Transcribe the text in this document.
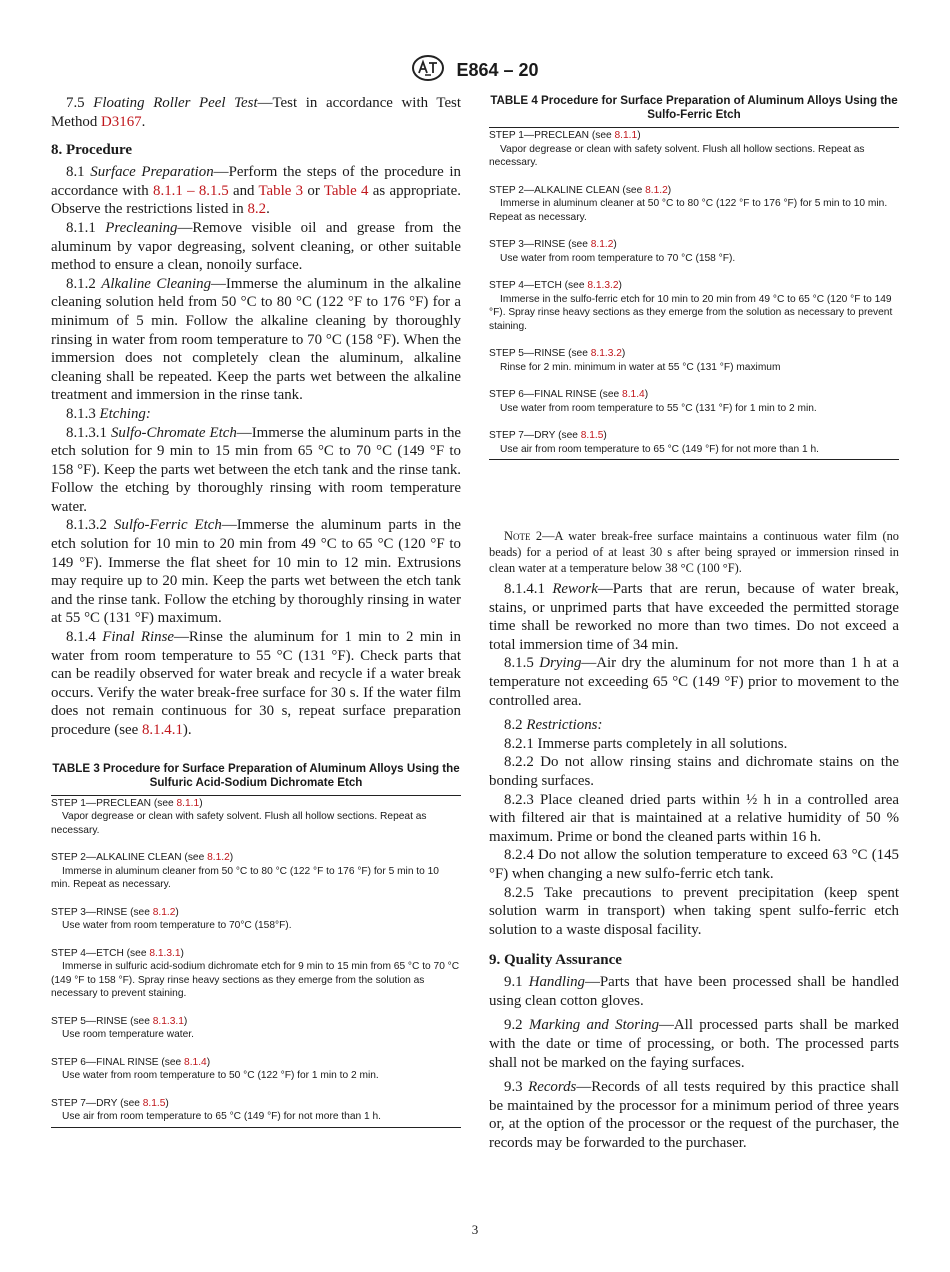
E864 – 20

7.5 Floating Roller Peel Test—Test in accordance with Test Method D3167.

8. Procedure

8.1 Surface Preparation—Perform the steps of the procedure in accordance with 8.1.1 – 8.1.5 and Table 3 or Table 4 as appropriate. Observe the restrictions listed in 8.2.

8.1.1 Precleaning—Remove visible oil and grease from the aluminum by vapor degreasing, solvent cleaning, or other suitable method to ensure a clean, nonoily surface.

8.1.2 Alkaline Cleaning—Immerse the aluminum in the alkaline cleaning solution held from 50 °C to 80 °C (122 °F to 176 °F) for a minimum of 5 min. Follow the alkaline cleaning by thoroughly rinsing in water from room temperature to 70 °C (158 °F). When the immersion does not completely clean the aluminum, alkaline cleaning shall be repeated. Keep the parts wet between the alkaline treatment and immersion in the rinse tank.

8.1.3 Etching:

8.1.3.1 Sulfo-Chromate Etch—Immerse the aluminum parts in the etch solution for 9 min to 15 min from 65 °C to 70 °C (149 °F to 158 °F). Keep the parts wet between the etch tank and the rinse tank. Follow the etching by thoroughly rinsing with room temperature water.

8.1.3.2 Sulfo-Ferric Etch—Immerse the aluminum parts in the etch solution for 10 min to 20 min from 49 °C to 65 °C (120 °F to 149 °F). Immerse the flat sheet for 10 min to 12 min. Extrusions may require up to 20 min. Keep the parts wet between the etch tank and the rinse tank. Follow the etching by thoroughly rinsing in water at 55 °C (131 °F) maximum.

8.1.4 Final Rinse—Rinse the aluminum for 1 min to 2 min in water from room temperature to 55 °C (131 °F). Check parts that can be readily observed for water break and recycle if a water break occurs. Verify the water break-free surface for 30 s. If the water film does not remain continuous for 30 s, repeat surface preparation procedure (see 8.1.4.1).

TABLE 3 Procedure for Surface Preparation of Aluminum Alloys Using the Sulfuric Acid-Sodium Dichromate Etch
STEP 1—PRECLEAN (see 8.1.1)
Vapor degrease or clean with safety solvent. Flush all hollow sections. Repeat as necessary.
STEP 2—ALKALINE CLEAN (see 8.1.2)
Immerse in aluminum cleaner from 50 °C to 80 °C (122 °F to 176 °F) for 5 min to 10 min. Repeat as necessary.
STEP 3—RINSE (see 8.1.2)
Use water from room temperature to 70°C (158°F).
STEP 4—ETCH (see 8.1.3.1)
Immerse in sulfuric acid-sodium dichromate etch for 9 min to 15 min from 65 °C to 70 °C (149 °F to 158 °F). Spray rinse heavy sections as they emerge from the solution as necessary to prevent staining.
STEP 5—RINSE (see 8.1.3.1)
Use room temperature water.
STEP 6—FINAL RINSE (see 8.1.4)
Use water from room temperature to 50 °C (122 °F) for 1 min to 2 min.
STEP 7—DRY (see 8.1.5)
Use air from room temperature to 65 °C (149 °F) for not more than 1 h.
TABLE 4 Procedure for Surface Preparation of Aluminum Alloys Using the Sulfo-Ferric Etch
STEP 1—PRECLEAN (see 8.1.1)
Vapor degrease or clean with safety solvent. Flush all hollow sections. Repeat as necessary.
STEP 2—ALKALINE CLEAN (see 8.1.2)
Immerse in aluminum cleaner at 50 °C to 80 °C (122 °F to 176 °F) for 5 min to 10 min. Repeat as necessary.
STEP 3—RINSE (see 8.1.2)
Use water from room temperature to 70 °C (158 °F).
STEP 4—ETCH (see 8.1.3.2)
Immerse in the sulfo-ferric etch for 10 min to 20 min from 49 °C to 65 °C (120 °F to 149 °F). Spray rinse heavy sections as they emerge from the solution as necessary to prevent staining.
STEP 5—RINSE (see 8.1.3.2)
Rinse for 2 min. minimum in water at 55 °C (131 °F) maximum
STEP 6—FINAL RINSE (see 8.1.4)
Use water from room temperature to 55 °C (131 °F) for 1 min to 2 min.
STEP 7—DRY (see 8.1.5)
Use air from room temperature to 65 °C (149 °F) for not more than 1 h.

Note 2—A water break-free surface maintains a continuous water film (no beads) for a period of at least 30 s after being sprayed or immersion rinsed in clean water at a temperature below 38 °C (100 °F).

8.1.4.1 Rework—Parts that are rerun, because of water break, stains, or unprimed parts that have exceeded the permitted storage time shall be reworked no more than two times. Do not exceed a total immersion time of 34 min.

8.1.5 Drying—Air dry the aluminum for not more than 1 h at a temperature not exceeding 65 °C (149 °F) prior to movement to the controlled area.

8.2 Restrictions:

8.2.1 Immerse parts completely in all solutions.

8.2.2 Do not allow rinsing stains and dichromate stains on the bonding surfaces.

8.2.3 Place cleaned dried parts within ½ h in a controlled area with filtered air that is maintained at a relative humidity of 50 % maximum. Prime or bond the cleaned parts within 16 h.

8.2.4 Do not allow the solution temperature to exceed 63 °C (145 °F) when changing a new sulfo-ferric etch tank.

8.2.5 Take precautions to prevent precipitation (keep spent solution warm in transport) when taking spent sulfo-ferric etch solution to a waste disposal facility.

9. Quality Assurance

9.1 Handling—Parts that have been processed shall be handled using clean cotton gloves.

9.2 Marking and Storing—All processed parts shall be marked with the date or time of processing, or both. The processed parts shall not be marked on the faying surfaces.

9.3 Records—Records of all tests required by this practice shall be maintained by the processor for a minimum period of three years or, at the option of the processor or the request of the purchaser, the records may be forwarded to the purchaser.

3
